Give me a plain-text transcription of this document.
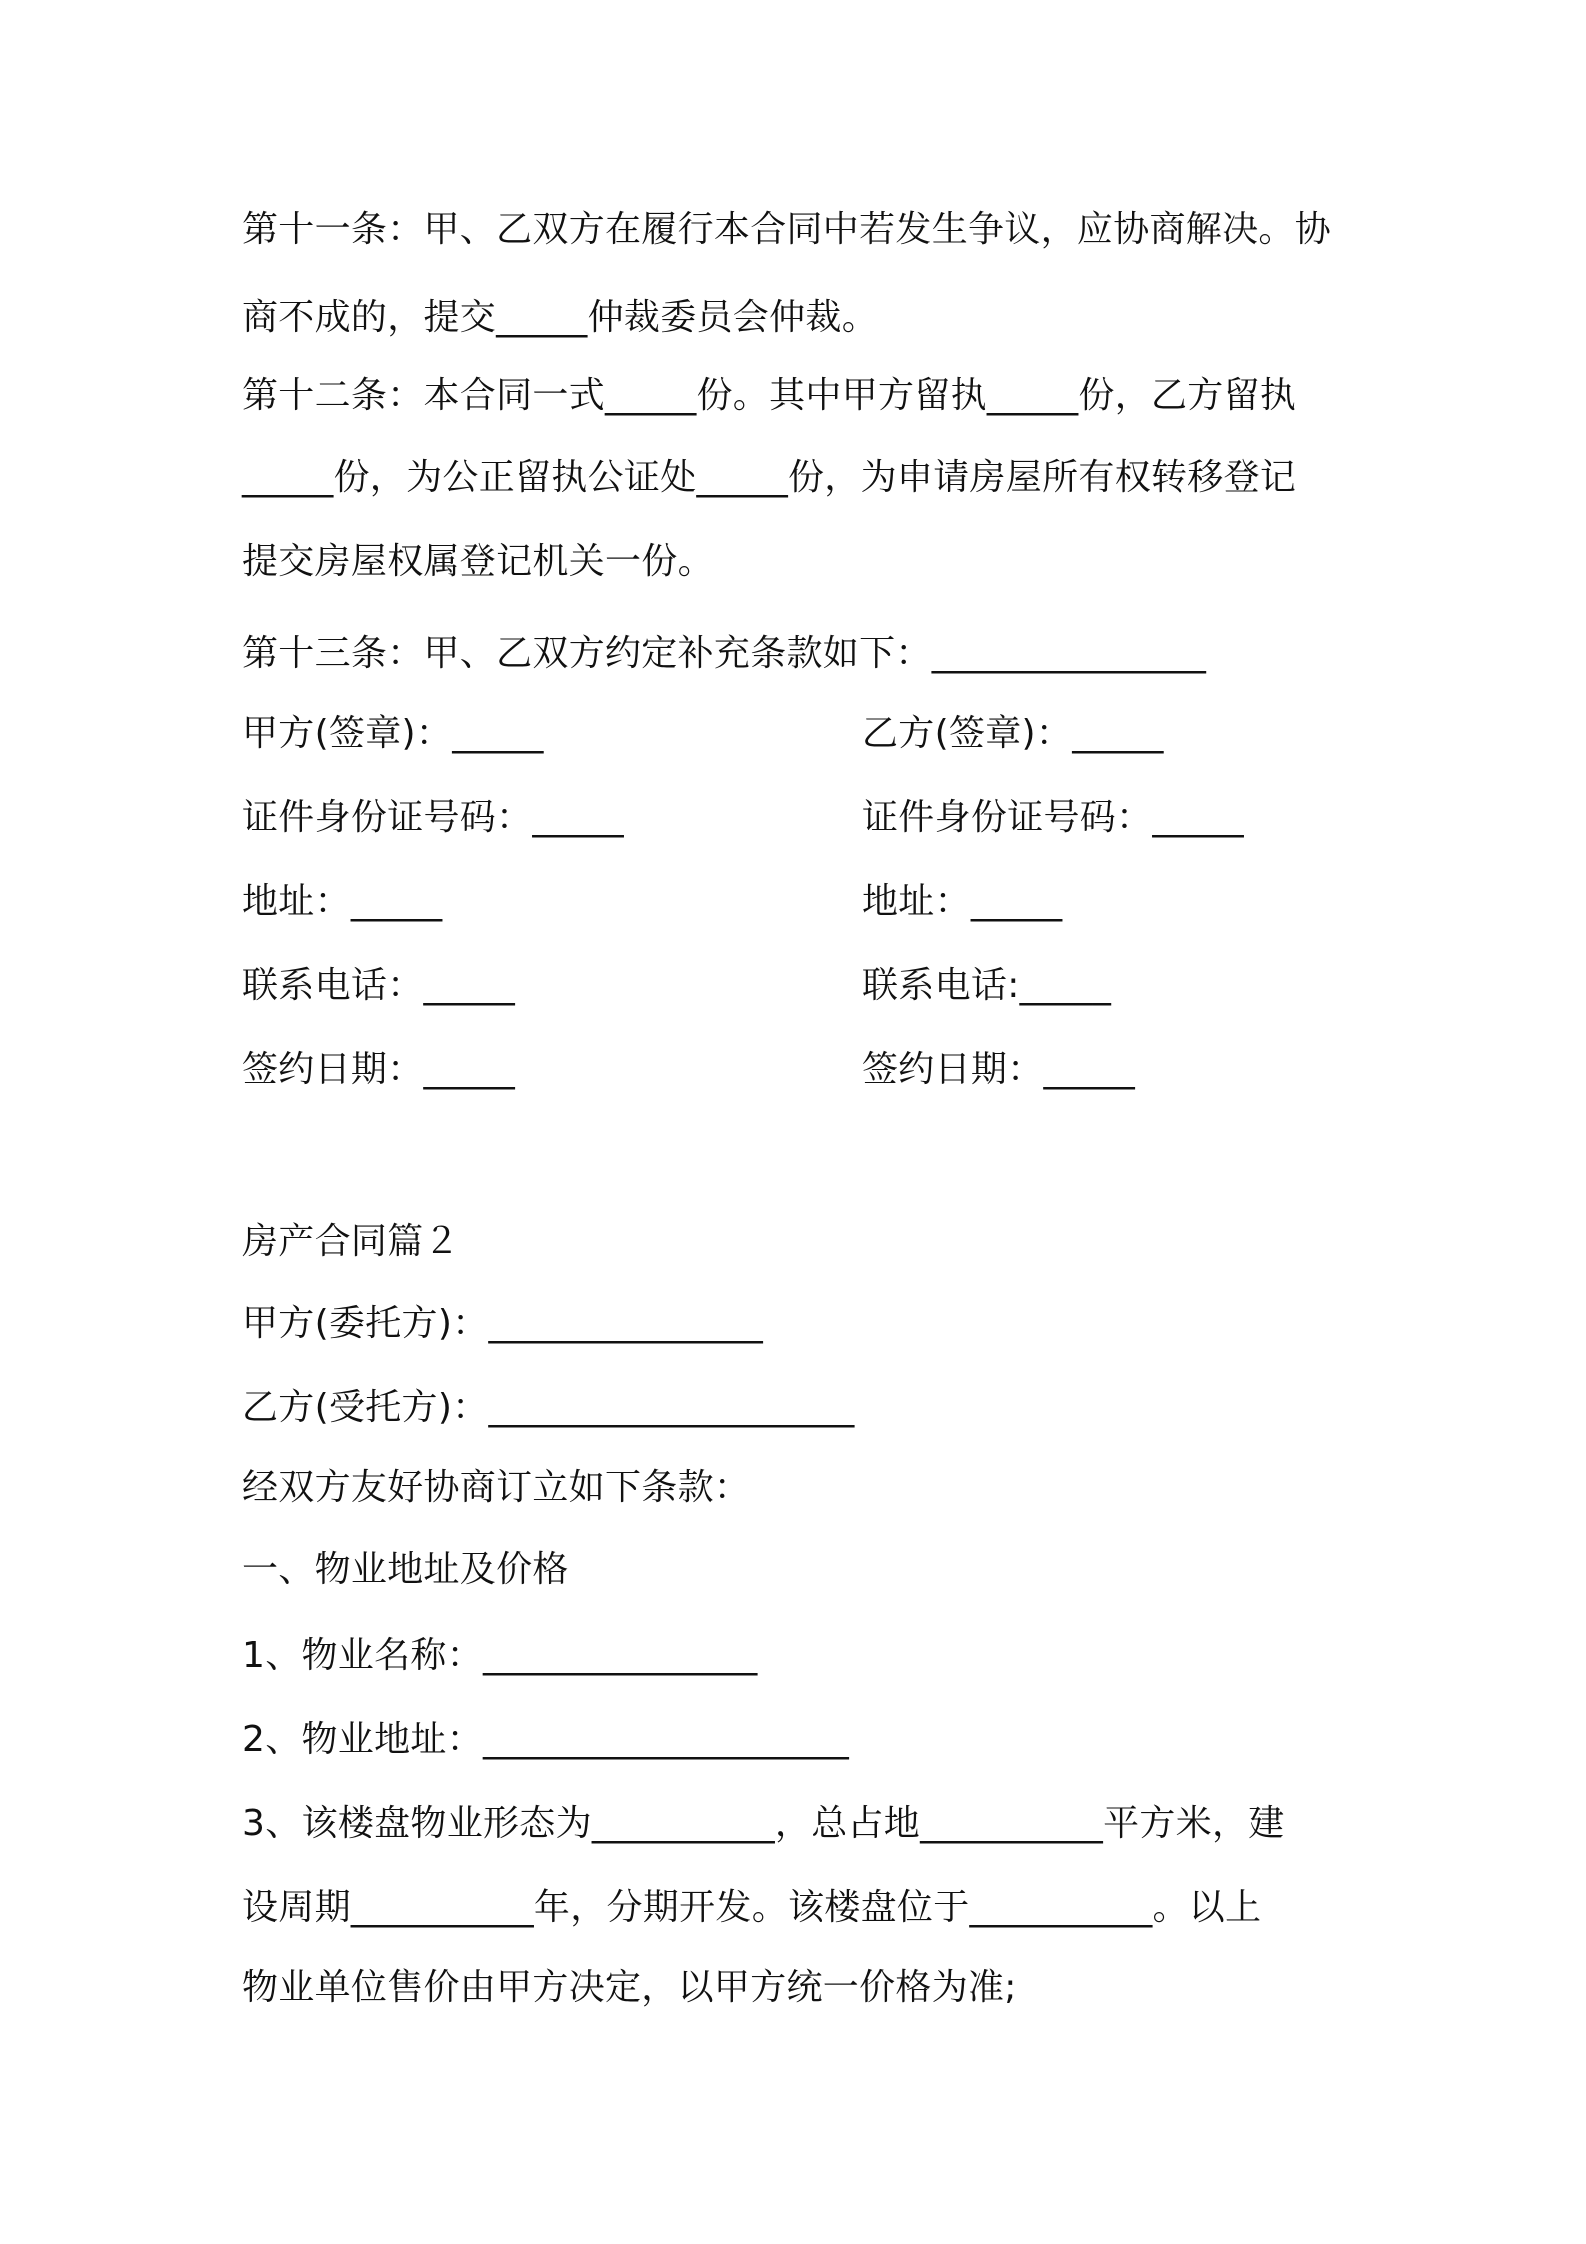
第十一条：甲、乙双方在履行本合同中若发生争议，应协商解决。协
商不成的，提交_____仲裁委员会仲裁。
第十二条：本合同一式_____份。其中甲方留执_____份，乙方留执
_____份，为公正留执公证处_____份，为申请房屋所有权转移登记
提交房屋权属登记机关一份。
第十三条：甲、乙双方约定补充条款如下：_______________
甲方(签章)：_____	乙方(签章)：_____
证件身份证号码：_____	证件身份证号码：_____
地址：_____	地址：_____
联系电话：_____	联系电话:_____
签约日期：_____	签约日期：_____
房产合同篇２
甲方(委托方)：_______________
乙方(受托方)：____________________
经双方友好协商订立如下条款：
一、物业地址及价格
1、物业名称：_______________
2、物业地址：____________________
3、该楼盘物业形态为__________，总占地__________平方米，建
设周期__________年，分期开发。该楼盘位于__________。以上
物业单位售价由甲方决定，以甲方统一价格为准;
